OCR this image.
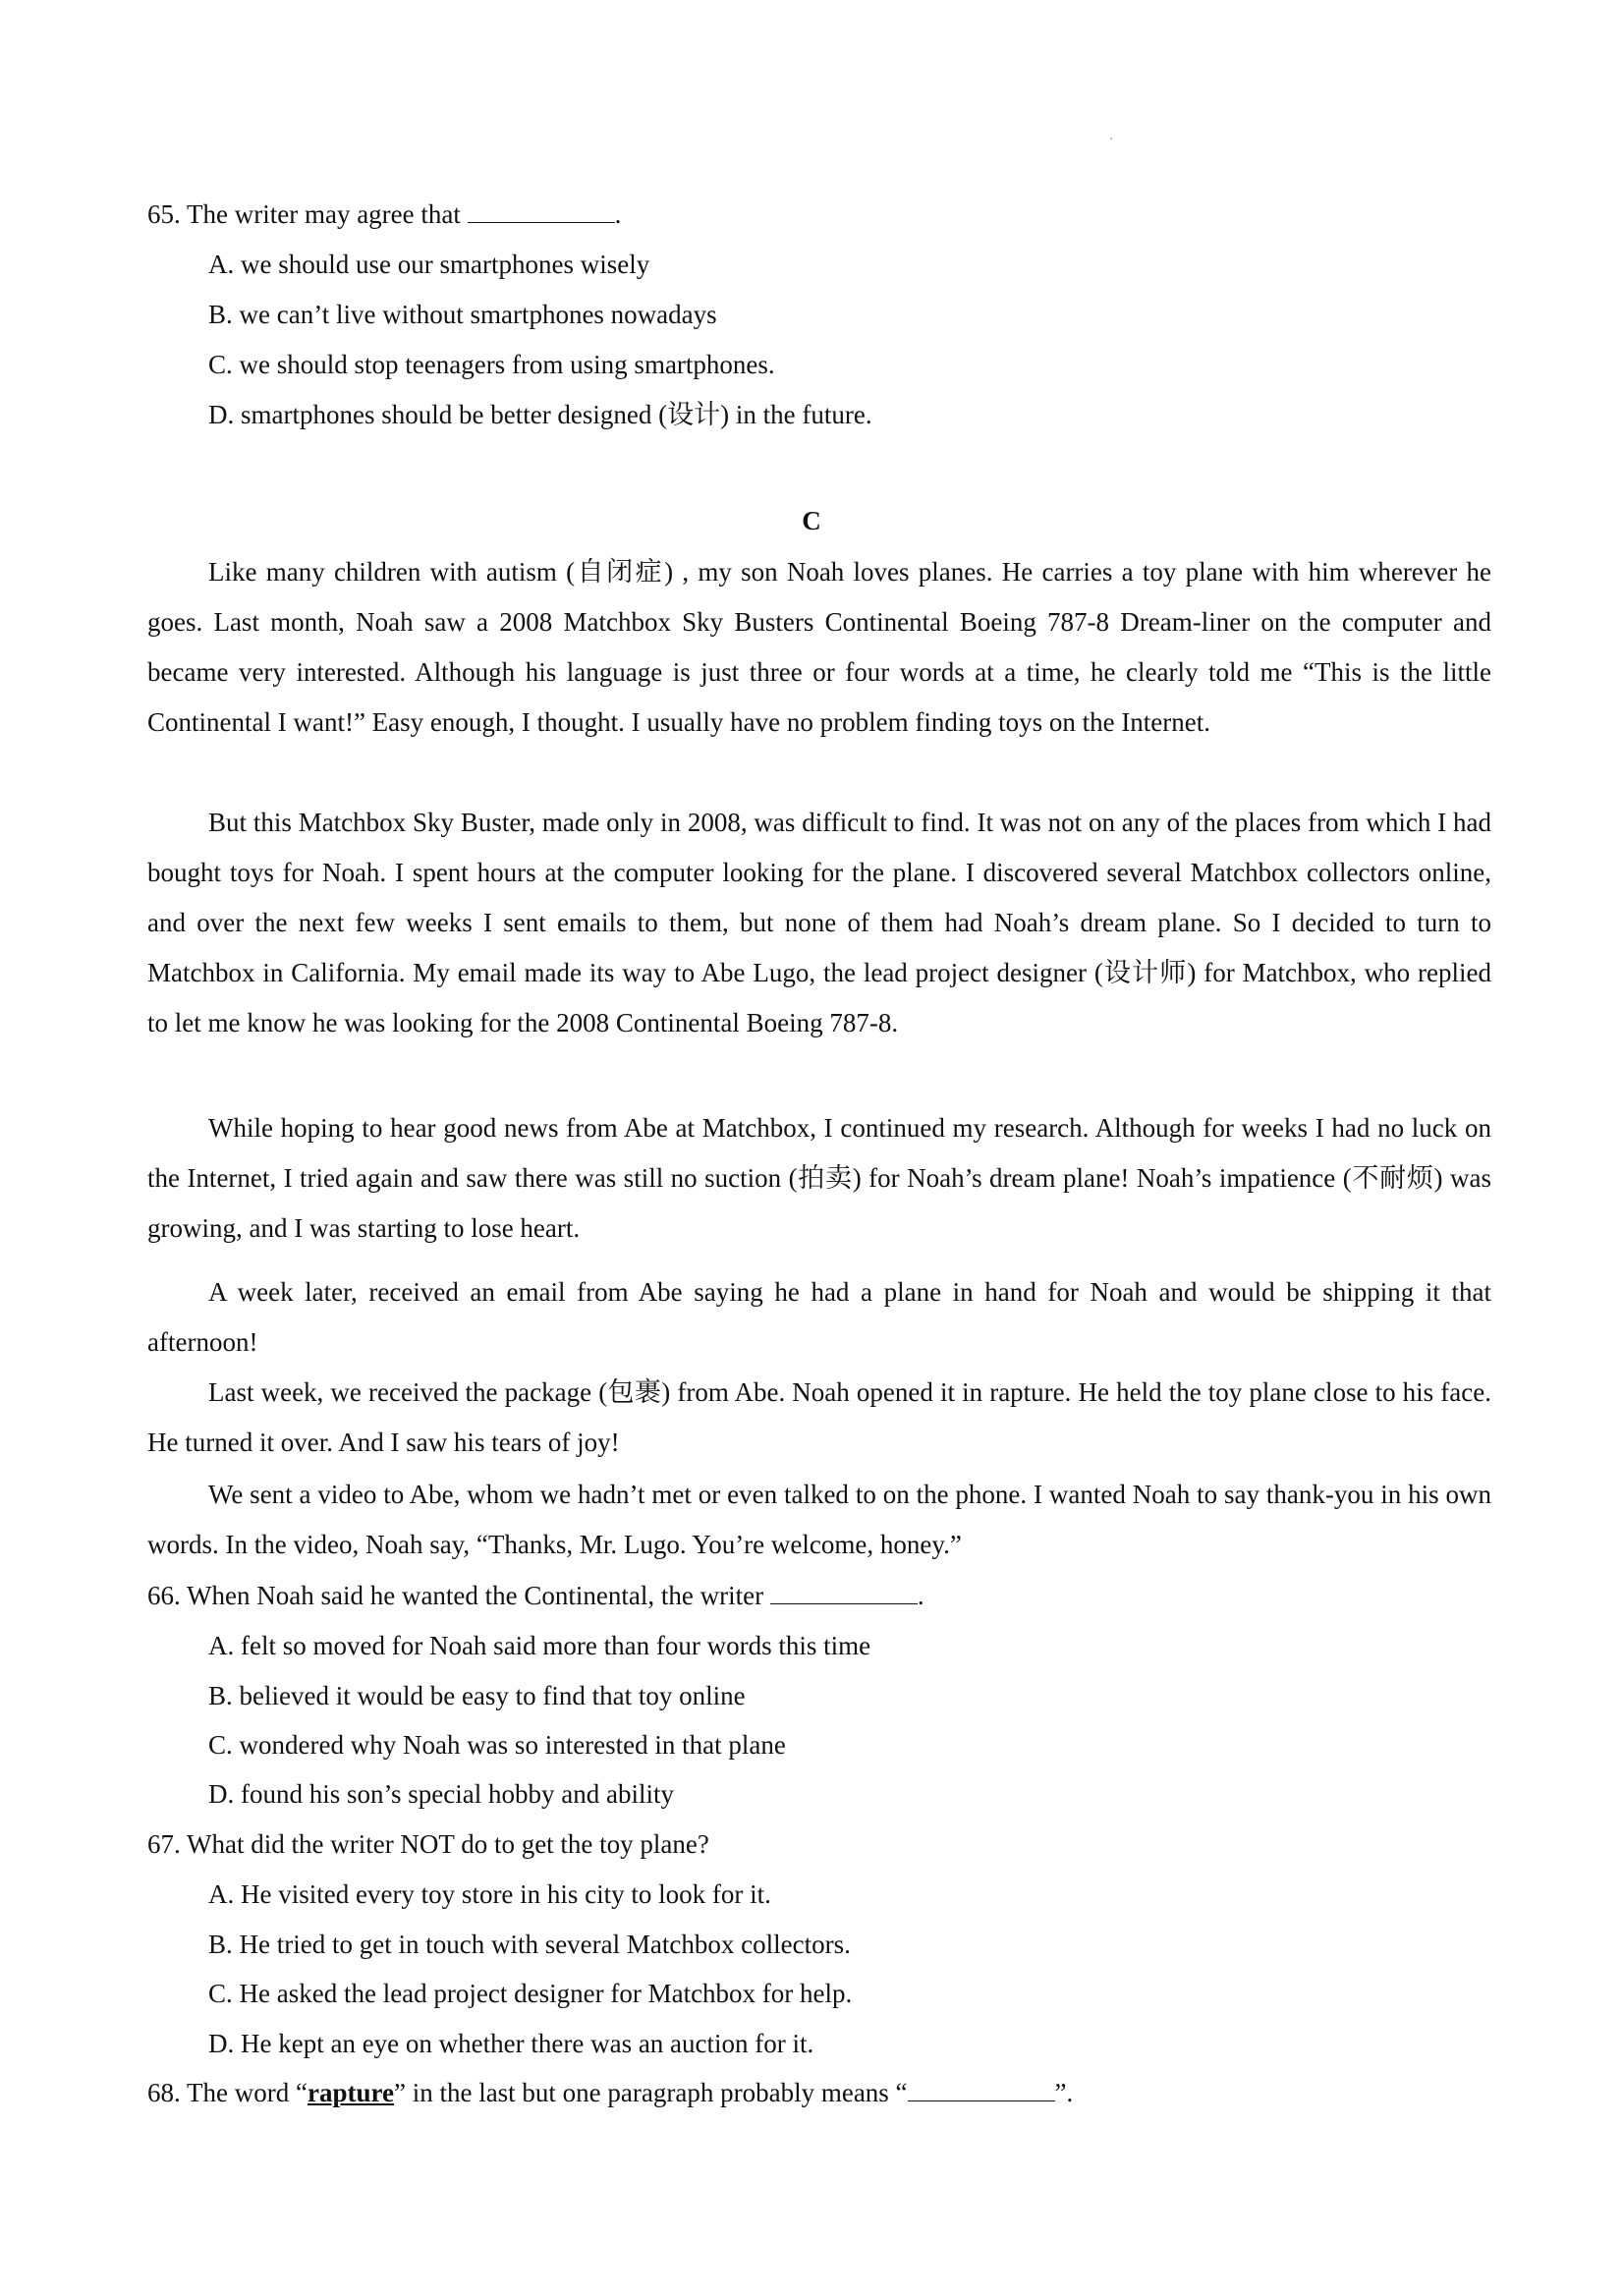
65. The writer may agree that	.
A. we should use our smartphones wisely
B. we can’t live without smartphones nowadays
C. we should stop teenagers from using smartphones.
D. smartphones should be better designed (设计) in the future.
C
Like many children with autism (自闭症) , my son Noah loves planes. He carries a toy plane with him wherever he goes. Last month, Noah saw a 2008 Matchbox Sky Busters Continental Boeing 787-8 Dream-liner on the computer and became very interested. Although his language is just three or four words at a time, he clearly told me “This is the little Continental I want!” Easy enough, I thought. I usually have no problem finding toys on the Internet.
But this Matchbox Sky Buster, made only in 2008, was difficult to find. It was not on any of the places from which I had bought toys for Noah. I spent hours at the computer looking for the plane. I discovered several Matchbox collectors online, and over the next few weeks I sent emails to them, but none of them had Noah’s dream plane. So I decided to turn to Matchbox in California. My email made its way to Abe Lugo, the lead project designer (设计师) for Matchbox, who replied to let me know he was looking for the 2008 Continental Boeing 787-8.
While hoping to hear good news from Abe at Matchbox, I continued my research. Although for weeks I had no luck on the Internet, I tried again and saw there was still no suction (拍卖) for Noah’s dream plane! Noah’s impatience (不耐烦) was growing, and I was starting to lose heart.
A week later, received an email from Abe saying he had a plane in hand for Noah and would be shipping it that afternoon!
Last week, we received the package (包裹) from Abe. Noah opened it in rapture. He held the toy plane close to his face. He turned it over. And I saw his tears of joy!
We sent a video to Abe, whom we hadn’t met or even talked to on the phone. I wanted Noah to say thank-you in his own words. In the video, Noah say, “Thanks, Mr. Lugo. You’re welcome, honey.”
66. When Noah said he wanted the Continental, the writer	.
A. felt so moved for Noah said more than four words this time
B. believed it would be easy to find that toy online
C. wondered why Noah was so interested in that plane
D. found his son’s special hobby and ability
67. What did the writer NOT do to get the toy plane?
A. He visited every toy store in his city to look for it.
B. He tried to get in touch with several Matchbox collectors.
C. He asked the lead project designer for Matchbox for help.
D. He kept an eye on whether there was an auction for it.
68. The word “rapture” in the last but one paragraph probably means “	”.
